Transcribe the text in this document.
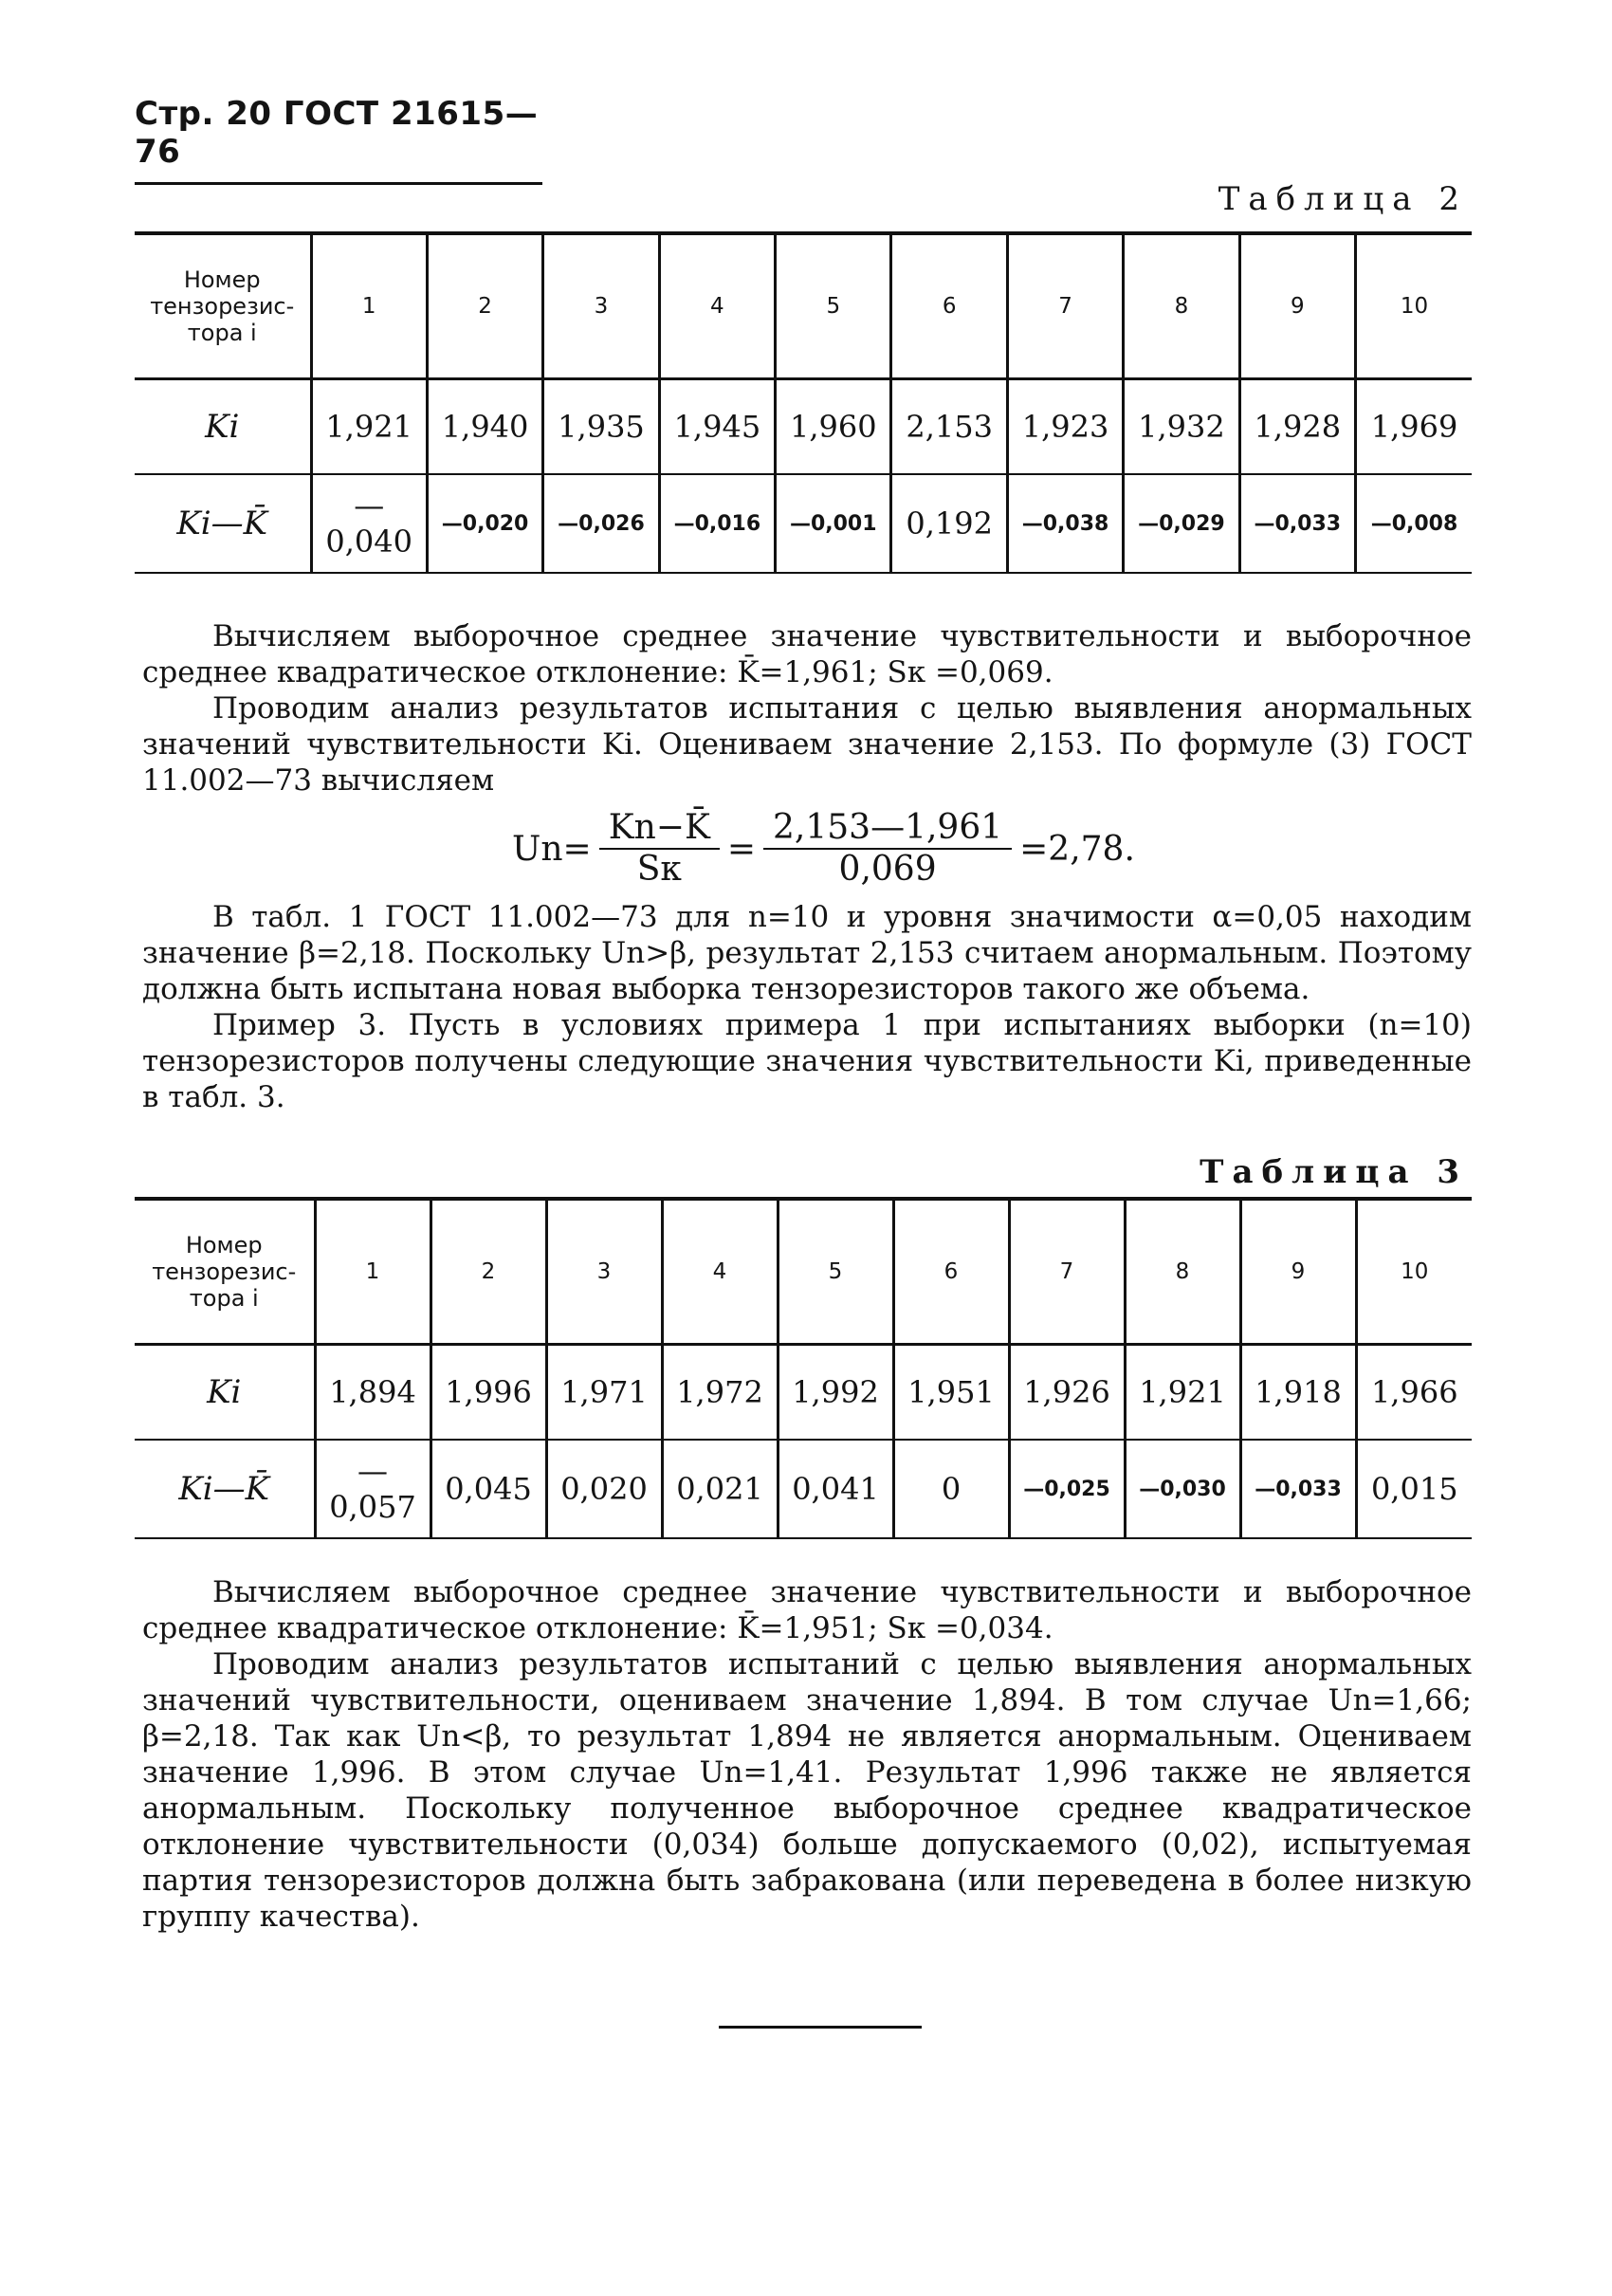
Стр. 20 ГОСТ 21615—76
Таблица 2
Номер тензорезис- тора i	1	2	3	4	5	6	7	8	9	10
Ki	1,921	1,940	1,935	1,945	1,960	2,153	1,923	1,932	1,928	1,969
Ki—K̄	—0,040	—0,020	—0,026	—0,016	—0,001	0,192	—0,038	—0,029	—0,033	—0,008

Вычисляем выборочное среднее значение чувствительности и выборочное среднее квадратическое отклонение: K̄=1,961; Sк =0,069.

Проводим анализ результатов испытания с целью выявления анормальных значений чувствительности Ki. Оцениваем значение 2,153. По формуле (3) ГОСТ 11.002—73 вычисляем

$Un= \frac{Kn-K̄}{Sк} = \frac{2,153—1,961}{0,069} =2,78$.

В табл. 1 ГОСТ 11.002—73 для n=10 и уровня значимости α=0,05 находим значение β=2,18. Поскольку Un>β, результат 2,153 считаем анормальным. Поэтому должна быть испытана новая выборка тензорезисторов такого же объема.

Пример 3. Пусть в условиях примера 1 при испытаниях выборки (n=10) тензорезисторов получены следующие значения чувствительности Ki, приведенные в табл. 3.

Таблица 3
Номер тензорезис- тора i	1	2	3	4	5	6	7	8	9	10
Ki	1,894	1,996	1,971	1,972	1,992	1,951	1,926	1,921	1,918	1,966
Ki—K̄	—0,057	0,045	0,020	0,021	0,041	0	—0,025	—0,030	—0,033	0,015

Вычисляем выборочное среднее значение чувствительности и выборочное среднее квадратическое отклонение: K̄=1,951; Sк =0,034.

Проводим анализ результатов испытаний с целью выявления анормальных значений чувствительности, оцениваем значение 1,894. В том случае Un=1,66; β=2,18. Так как Un<β, то результат 1,894 не является анормальным. Оцениваем значение 1,996. В этом случае Un=1,41. Результат 1,996 также не является анормальным. Поскольку полученное выборочное среднее квадратическое отклонение чувствительности (0,034) больше допускаемого (0,02), испытуемая партия тензорезисторов должна быть забракована (или переведена в более низкую группу качества).
